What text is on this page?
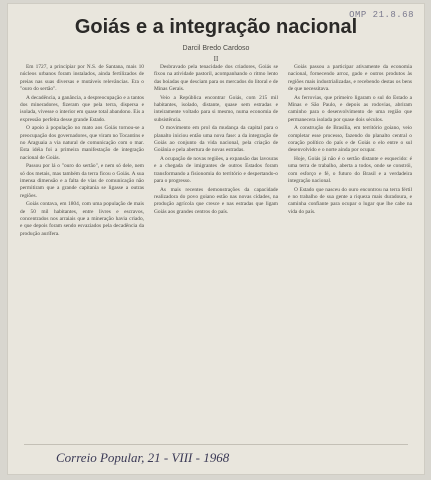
OMP 21.8.68
Goiás e a integração nacional
Darcil Bredo Cardoso
II

Em 1727, a principiar por N.S. de Santana, mais 10 núcleos urbanos foram instalados, ainda fertilizados de preias nas suas diversas e mutáveis relevâncias. Era o "ouro do sertão".

A decadência, a ganância, a despreocupação e a tantos dos mineradores, fizeram que pela terra, dispersa e isolada, vivesse o interior em quase total abandono. Eis a expressão perfeita desse grande Estado.

O apoio à população no mato aos Goiás tornou-se a preocupação dos governadores, que viram no Tocantins e no Araguaia a via natural de comunicação com o mar. Esta idéia foi a primeira manifestação de integração nacional de Goiás.

Passou por lá o "ouro do sertão", e nem só dele, nem só dos metais, mas também da terra ficou o Goiás. A sua imensa dimensão e a falta de vias de comunicação não permitiram que a grande capitania se ligasse a outras regiões.

Goiás contava, em 1804, com uma população de mais de 50 mil habitantes, entre livres e escravos, concentrados nos arraiais que a mineração havia criado, e que depois foram sendo esvaziados pela decadência da produção aurífera.

Desbravado pela tenacidade dos criadores, Goiás se fixou na atividade pastoril, acompanhando o ritmo lento das boiadas que desciam para os mercados do litoral e de Minas Gerais.

Veio a República encontrar Goiás, com 215 mil habitantes, isolado, distante, quase sem estradas e inteiramente voltado para si mesmo, numa economia de subsistência.

O movimento em prol da mudança da capital para o planalto iniciou então uma nova fase: a da integração de Goiás ao conjunto da vida nacional, pela criação de Goiânia e pela abertura de novas estradas.

A ocupação de novas regiões, a expansão das lavouras e a chegada de imigrantes de outros Estados foram transformando a fisionomia do território e despertando-o para o progresso.

As mais recentes demonstrações da capacidade realizadora do povo goiano estão nas novas cidades, na produção agrícola que cresce e nas estradas que ligam Goiás aos grandes centros do país.

Goiás passou a participar ativamente da economia nacional, fornecendo arroz, gado e outros produtos às regiões mais industrializadas, e recebendo destas os bens de que necessitava.

As ferrovias, que primeiro ligaram o sul do Estado a Minas e São Paulo, e depois as rodovias, abriram caminho para o desenvolvimento de uma região que permanecera isolada por quase dois séculos.

A construção de Brasília, em território goiano, veio completar esse processo, fazendo do planalto central o coração político do país e de Goiás o elo entre o sul desenvolvido e o norte ainda por ocupar.

Hoje, Goiás já não é o sertão distante e esquecido: é uma terra de trabalho, aberta a todos, onde se constrói, com esforço e fé, o futuro do Brasil e a verdadeira integração nacional.

O Estado que nasceu do ouro encontrou na terra fértil e no trabalho de sua gente a riqueza mais duradoura, e caminha confiante para ocupar o lugar que lhe cabe na vida do país.

Correio Popular, 21 - VIII - 1968
